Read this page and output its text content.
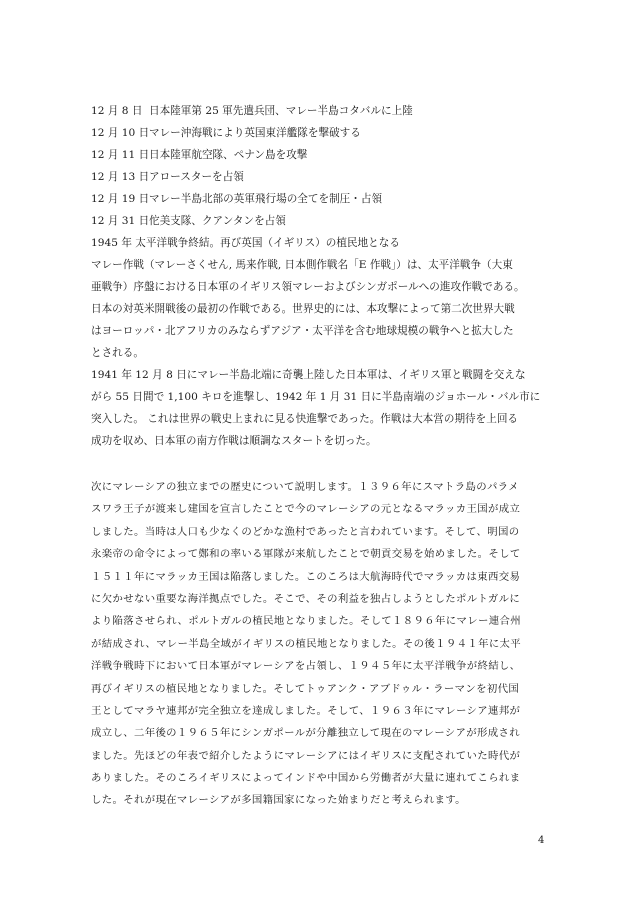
12 月 8 日 日本陸軍第 25 軍先遣兵団、マレー半島コタバルに上陸
12 月 10 日マレー沖海戦により英国東洋艦隊を撃破する
12 月 11 日日本陸軍航空隊、ペナン島を攻撃
12 月 13 日アロースターを占領
12 月 19 日マレー半島北部の英軍飛行場の全てを制圧・占領
12 月 31 日佗美支隊、クアンタンを占領
1945 年 太平洋戦争終結。再び英国（イギリス）の植民地となる
マレー作戦（マレーさくせん, 馬来作戦, 日本側作戦名「E 作戦」）は、太平洋戦争（大東
亜戦争）序盤における日本軍のイギリス領マレーおよびシンガポールへの進攻作戦である。
日本の対英米開戦後の最初の作戦である。世界史的には、本攻撃によって第二次世界大戦
はヨーロッパ・北アフリカのみならずアジア・太平洋を含む地球規模の戦争へと拡大した
とされる。
1941 年 12 月 8 日にマレー半島北端に奇襲上陸した日本軍は、イギリス軍と戦闘を交えな
がら 55 日間で 1,100 キロを進撃し、1942 年 1 月 31 日に半島南端のジョホール・バル市に
突入した。 これは世界の戦史上まれに見る快進撃であった。作戦は大本営の期待を上回る
成功を収め、日本軍の南方作戦は順調なスタートを切った。
次にマレーシアの独立までの歴史について説明します。１３９６年にスマトラ島のパラメ
スワラ王子が渡来し建国を宣言したことで今のマレーシアの元となるマラッカ王国が成立
しました。当時は人口も少なくのどかな漁村であったと言われています。そして、明国の
永楽帝の命令によって鄭和の率いる軍隊が来航したことで朝貢交易を始めました。そして
１５１１年にマラッカ王国は陥落しました。このころは大航海時代でマラッカは東西交易
に欠かせない重要な海洋拠点でした。そこで、その利益を独占しようとしたポルトガルに
より陥落させられ、ポルトガルの植民地となりました。そして１８９６年にマレー連合州
が結成され、マレー半島全域がイギリスの植民地となりました。その後１９４１年に太平
洋戦争戦時下において日本軍がマレーシアを占領し、１９４５年に太平洋戦争が終結し、
再びイギリスの植民地となりました。そしてトゥアンク・アブドゥル・ラーマンを初代国
王としてマラヤ連邦が完全独立を達成しました。そして、１９６３年にマレーシア連邦が
成立し、二年後の１９６５年にシンガポールが分離独立して現在のマレーシアが形成され
ました。先ほどの年表で紹介したようにマレーシアにはイギリスに支配されていた時代が
ありました。そのころイギリスによってインドや中国から労働者が大量に連れてこられま
した。それが現在マレーシアが多国籍国家になった始まりだと考えられます。
4
